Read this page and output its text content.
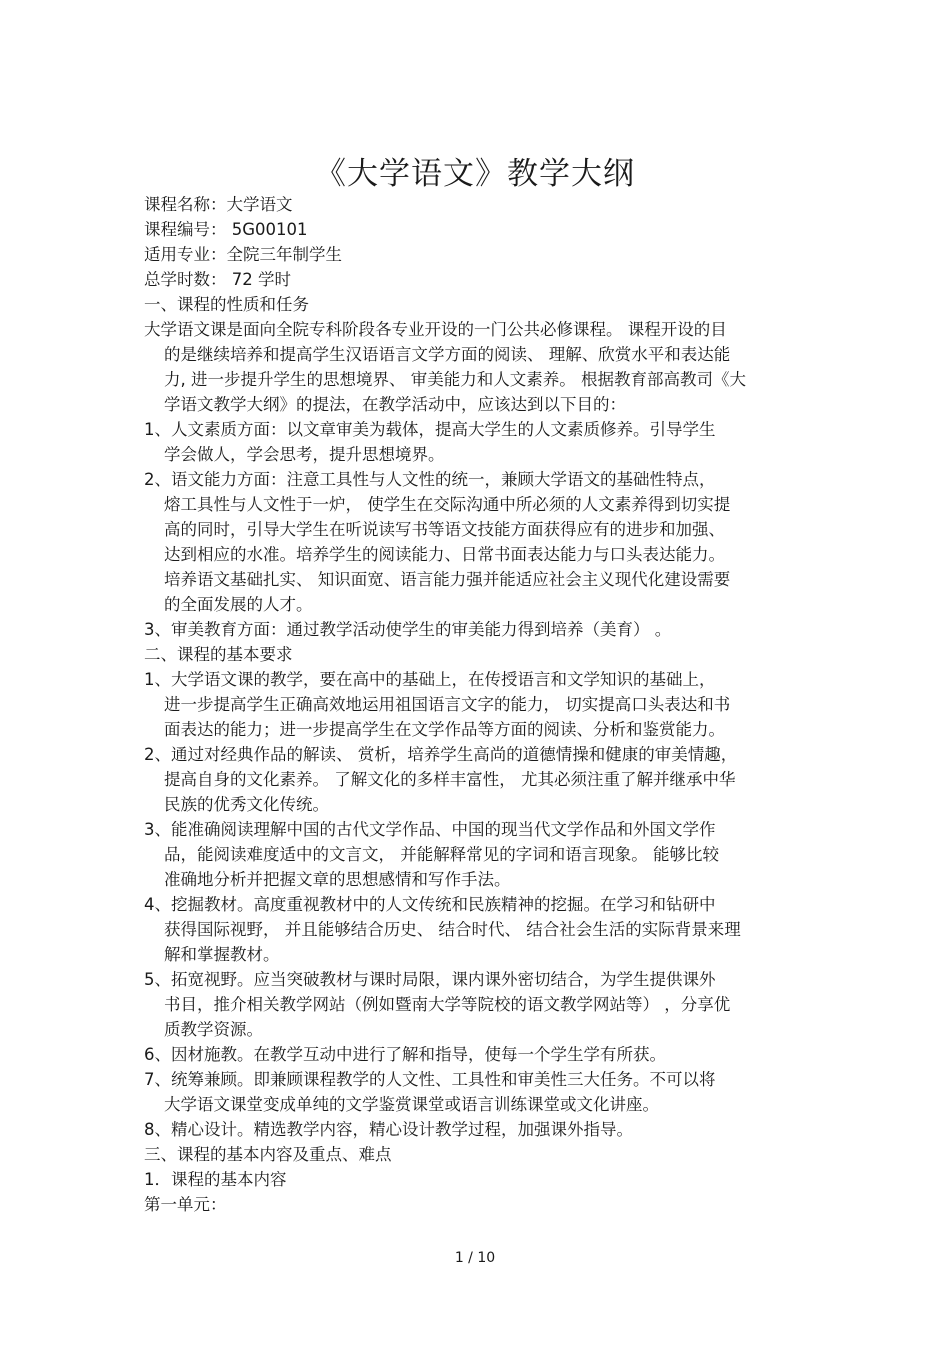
《大学语文》教学大纲
课程名称：大学语文
课程编号： 5G00101
适用专业：全院三年制学生
总学时数： 72 学时
一、课程的性质和任务
大学语文课是面向全院专科阶段各专业开设的一门公共必修课程。 课程开设的目
的是继续培养和提高学生汉语语言文学方面的阅读、 理解、欣赏水平和表达能
力, 进一步提升学生的思想境界、 审美能力和人文素养。 根据教育部高教司《大
学语文教学大纲》的提法，在教学活动中，应该达到以下目的：
1、人文素质方面：以文章审美为载体，提高大学生的人文素质修养。引导学生
学会做人，学会思考，提升思想境界。
2、语文能力方面：注意工具性与人文性的统一，兼顾大学语文的基础性特点，
熔工具性与人文性于一炉， 使学生在交际沟通中所必须的人文素养得到切实提
高的同时，引导大学生在听说读写书等语文技能方面获得应有的进步和加强、
达到相应的水准。培养学生的阅读能力、日常书面表达能力与口头表达能力。
培养语文基础扎实、 知识面宽、语言能力强并能适应社会主义现代化建设需要
的全面发展的人才。
3、审美教育方面：通过教学活动使学生的审美能力得到培养（美育） 。
二、课程的基本要求
1、大学语文课的教学，要在高中的基础上，在传授语言和文学知识的基础上，
进一步提高学生正确高效地运用祖国语言文字的能力， 切实提高口头表达和书
面表达的能力；进一步提高学生在文学作品等方面的阅读、分析和鉴赏能力。
2、通过对经典作品的解读、 赏析，培养学生高尚的道德情操和健康的审美情趣，
提高自身的文化素养。 了解文化的多样丰富性， 尤其必须注重了解并继承中华
民族的优秀文化传统。
3、能准确阅读理解中国的古代文学作品、中国的现当代文学作品和外国文学作
品，能阅读难度适中的文言文， 并能解释常见的字词和语言现象。 能够比较
准确地分析并把握文章的思想感情和写作手法。
4、挖掘教材。高度重视教材中的人文传统和民族精神的挖掘。在学习和钻研中
获得国际视野， 并且能够结合历史、 结合时代、 结合社会生活的实际背景来理
解和掌握教材。
5、拓宽视野。应当突破教材与课时局限，课内课外密切结合，为学生提供课外
书目，推介相关教学网站（例如暨南大学等院校的语文教学网站等） ，分享优
质教学资源。
6、因材施教。在教学互动中进行了解和指导，使每一个学生学有所获。
7、统筹兼顾。即兼顾课程教学的人文性、工具性和审美性三大任务。不可以将
大学语文课堂变成单纯的文学鉴赏课堂或语言训练课堂或文化讲座。
8、精心设计。精选教学内容，精心设计教学过程，加强课外指导。
三、课程的基本内容及重点、难点
1．课程的基本内容
第一单元：
1 / 10
